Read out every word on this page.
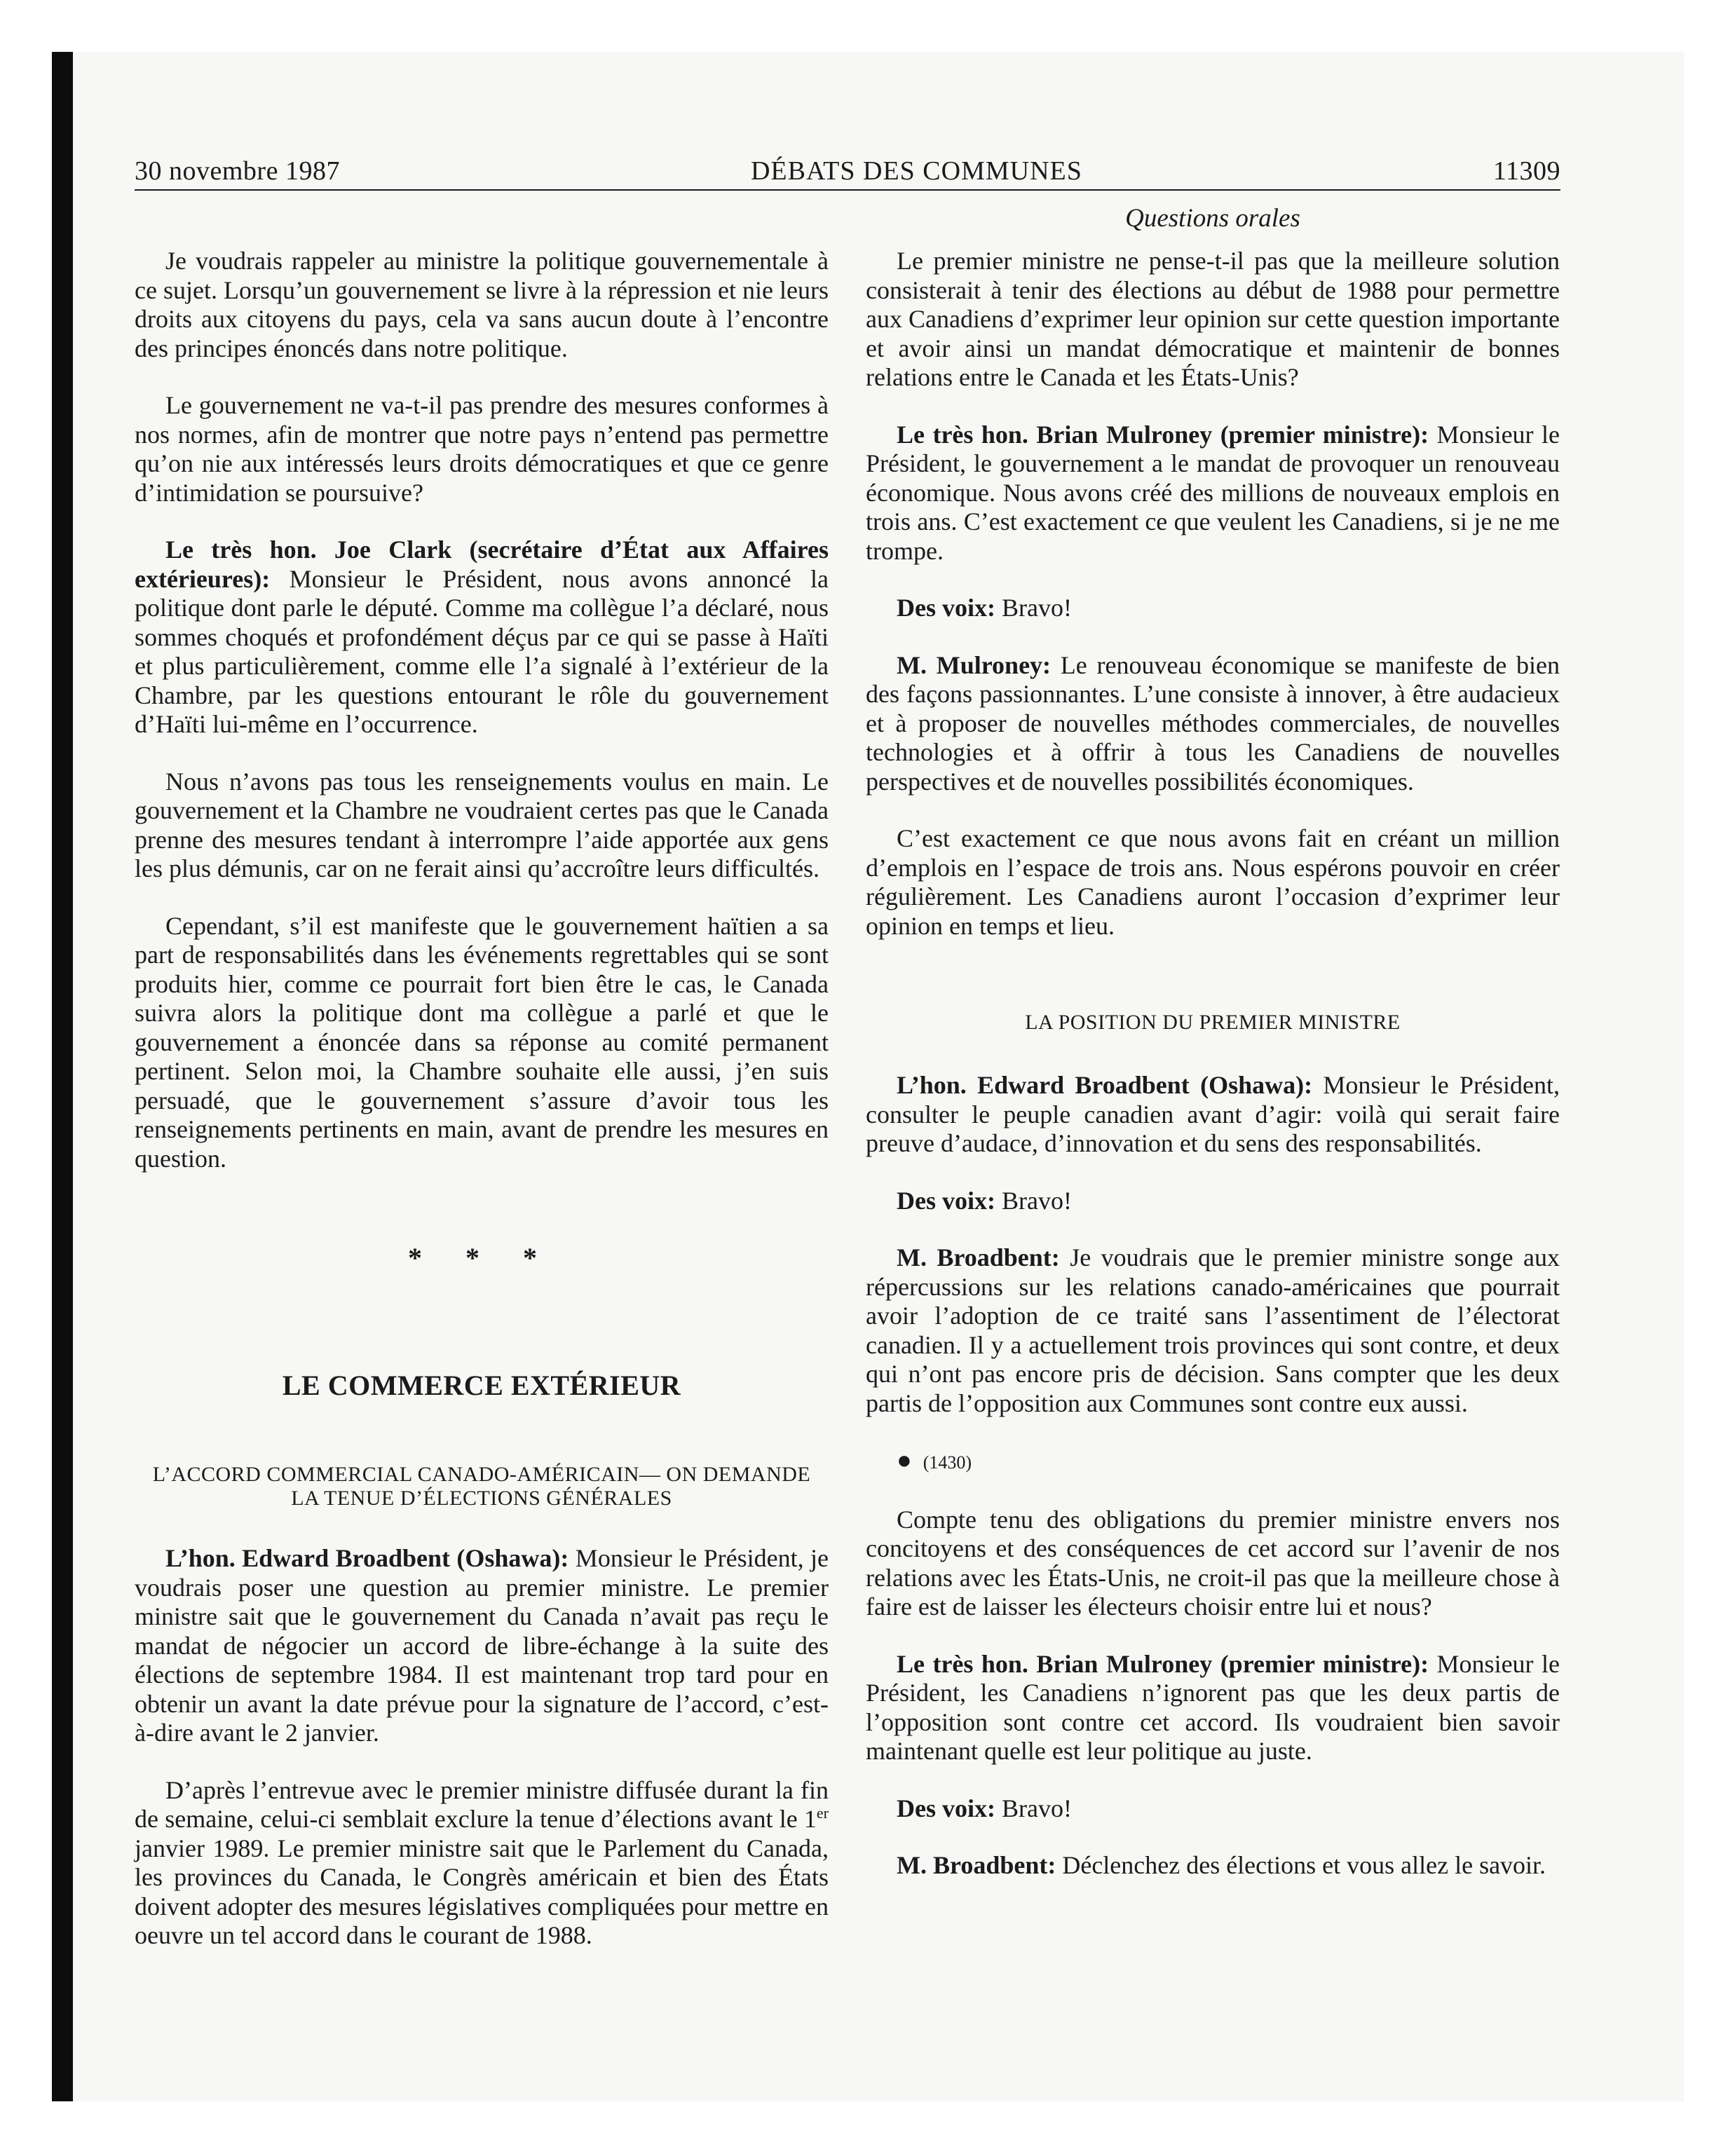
30 novembre 1987	DÉBATS DES COMMUNES	11309
Questions orales

Je voudrais rappeler au ministre la politique gouvernementale à ce sujet. Lorsqu’un gouvernement se livre à la répression et nie leurs droits aux citoyens du pays, cela va sans aucun doute à l’encontre des principes énoncés dans notre politique.

Le gouvernement ne va-t-il pas prendre des mesures conformes à nos normes, afin de montrer que notre pays n’entend pas permettre qu’on nie aux intéressés leurs droits démocratiques et que ce genre d’intimidation se poursuive?

Le très hon. Joe Clark (secrétaire d’État aux Affaires extérieures): Monsieur le Président, nous avons annoncé la politique dont parle le député. Comme ma collègue l’a déclaré, nous sommes choqués et profondément déçus par ce qui se passe à Haïti et plus particulièrement, comme elle l’a signalé à l’extérieur de la Chambre, par les questions entourant le rôle du gouvernement d’Haïti lui-même en l’occurrence.

Nous n’avons pas tous les renseignements voulus en main. Le gouvernement et la Chambre ne voudraient certes pas que le Canada prenne des mesures tendant à interrompre l’aide apportée aux gens les plus démunis, car on ne ferait ainsi qu’accroître leurs difficultés.

Cependant, s’il est manifeste que le gouvernement haïtien a sa part de responsabilités dans les événements regrettables qui se sont produits hier, comme ce pourrait fort bien être le cas, le Canada suivra alors la politique dont ma collègue a parlé et que le gouvernement a énoncée dans sa réponse au comité permanent pertinent. Selon moi, la Chambre souhaite elle aussi, j’en suis persuadé, que le gouvernement s’assure d’avoir tous les renseignements pertinents en main, avant de prendre les mesures en question.

* * *
LE COMMERCE EXTÉRIEUR
L’ACCORD COMMERCIAL CANADO-AMÉRICAIN— ON DEMANDE
LA TENUE D’ÉLECTIONS GÉNÉRALES

L’hon. Edward Broadbent (Oshawa): Monsieur le Président, je voudrais poser une question au premier ministre. Le premier ministre sait que le gouvernement du Canada n’avait pas reçu le mandat de négocier un accord de libre-échange à la suite des élections de septembre 1984. Il est maintenant trop tard pour en obtenir un avant la date prévue pour la signature de l’accord, c’est-à-dire avant le 2 janvier.

D’après l’entrevue avec le premier ministre diffusée durant la fin de semaine, celui-ci semblait exclure la tenue d’élections avant le 1er janvier 1989. Le premier ministre sait que le Parlement du Canada, les provinces du Canada, le Congrès américain et bien des États doivent adopter des mesures législatives compliquées pour mettre en oeuvre un tel accord dans le courant de 1988.

Le premier ministre ne pense-t-il pas que la meilleure solution consisterait à tenir des élections au début de 1988 pour permettre aux Canadiens d’exprimer leur opinion sur cette question importante et avoir ainsi un mandat démocratique et maintenir de bonnes relations entre le Canada et les États-Unis?

Le très hon. Brian Mulroney (premier ministre): Monsieur le Président, le gouvernement a le mandat de provoquer un renouveau économique. Nous avons créé des millions de nouveaux emplois en trois ans. C’est exactement ce que veulent les Canadiens, si je ne me trompe.

Des voix: Bravo!

M. Mulroney: Le renouveau économique se manifeste de bien des façons passionnantes. L’une consiste à innover, à être audacieux et à proposer de nouvelles méthodes commerciales, de nouvelles technologies et à offrir à tous les Canadiens de nouvelles perspectives et de nouvelles possibilités économiques.

C’est exactement ce que nous avons fait en créant un million d’emplois en l’espace de trois ans. Nous espérons pouvoir en créer régulièrement. Les Canadiens auront l’occasion d’exprimer leur opinion en temps et lieu.

LA POSITION DU PREMIER MINISTRE

L’hon. Edward Broadbent (Oshawa): Monsieur le Président, consulter le peuple canadien avant d’agir: voilà qui serait faire preuve d’audace, d’innovation et du sens des responsabilités.

Des voix: Bravo!

M. Broadbent: Je voudrais que le premier ministre songe aux répercussions sur les relations canado-américaines que pourrait avoir l’adoption de ce traité sans l’assentiment de l’électorat canadien. Il y a actuellement trois provinces qui sont contre, et deux qui n’ont pas encore pris de décision. Sans compter que les deux partis de l’opposition aux Communes sont contre eux aussi.

● (1430)

Compte tenu des obligations du premier ministre envers nos concitoyens et des conséquences de cet accord sur l’avenir de nos relations avec les États-Unis, ne croit-il pas que la meilleure chose à faire est de laisser les électeurs choisir entre lui et nous?

Le très hon. Brian Mulroney (premier ministre): Monsieur le Président, les Canadiens n’ignorent pas que les deux partis de l’opposition sont contre cet accord. Ils voudraient bien savoir maintenant quelle est leur politique au juste.

Des voix: Bravo!

M. Broadbent: Déclenchez des élections et vous allez le savoir.
